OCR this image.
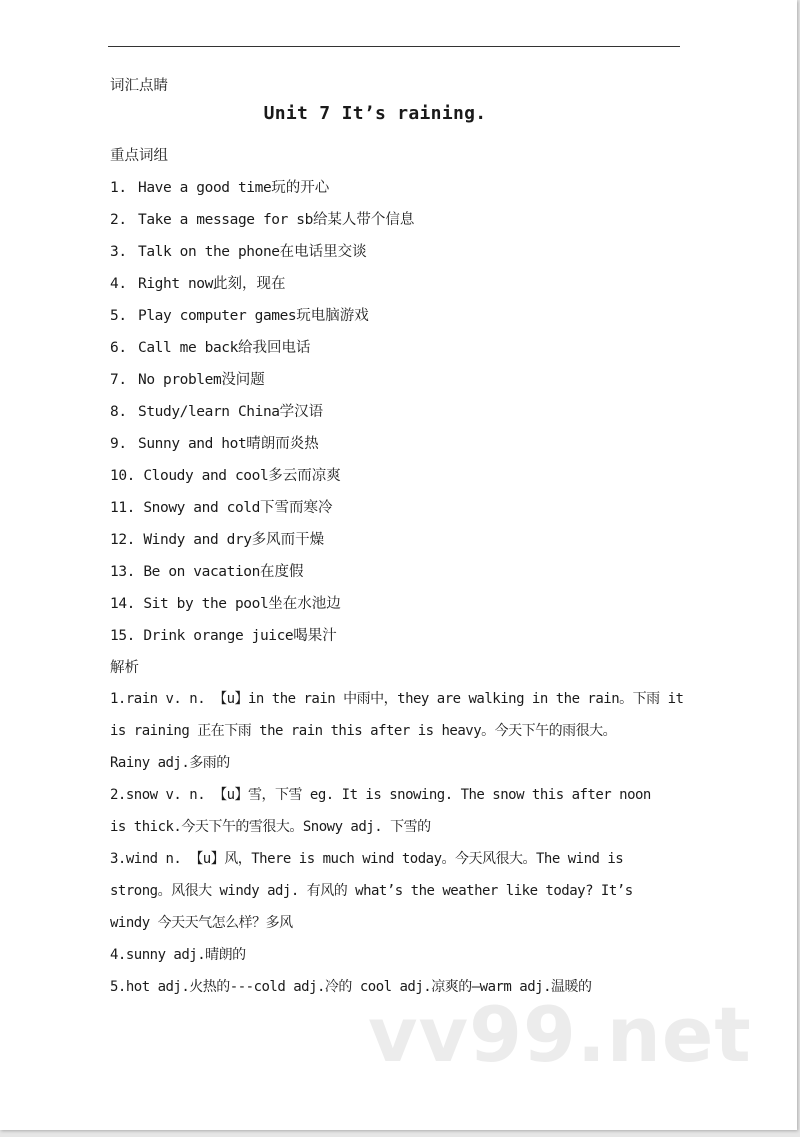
词汇点睛
Unit 7 It’s raining.
重点词组
1. Have a good time玩的开心
2. Take a message for sb给某人带个信息
3. Talk on the phone在电话里交谈
4. Right now此刻，现在
5. Play computer games玩电脑游戏
6. Call me back给我回电话
7. No problem没问题
8. Study/learn China学汉语
9. Sunny and hot晴朗而炎热
10. Cloudy and cool多云而凉爽
11. Snowy and cold下雪而寒冷
12. Windy and dry多风而干燥
13. Be on vacation在度假
14. Sit by the pool坐在水池边
15. Drink orange juice喝果汁
解析
1.rain v. n. 【u】in the rain 中雨中，they are walking in the rain。下雨 it
is raining 正在下雨 the rain this after is heavy。今天下午的雨很大。
Rainy adj.多雨的
2.snow v. n. 【u】雪，下雪 eg. It is snowing. The snow this after noon
is thick.今天下午的雪很大。Snowy adj. 下雪的
3.wind n. 【u】风，There is much wind today。今天风很大。The wind is
strong。风很大 windy adj. 有风的 what’s the weather like today? It’s
windy 今天天气怎么样？多风
4.sunny adj.晴朗的
5.hot adj.火热的---cold adj.冷的 cool adj.凉爽的—warm adj.温暖的
vv99.net
